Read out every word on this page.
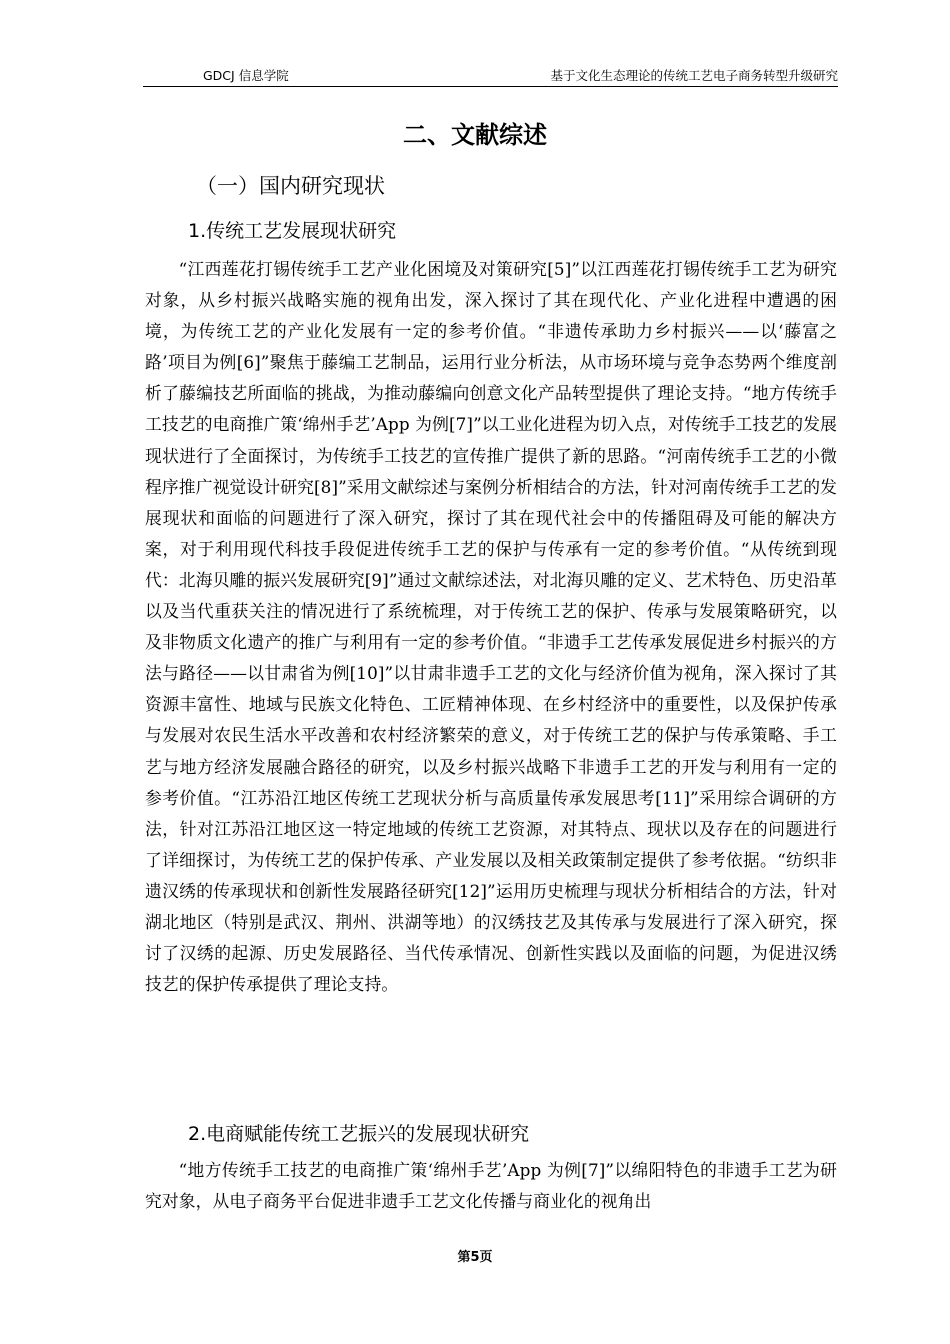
GDCJ 信息学院	基于文化生态理论的传统工艺电子商务转型升级研究
二、文献综述
（一）国内研究现状
1.传统工艺发展现状研究

“江西莲花打锡传统手工艺产业化困境及对策研究[5]”以江西莲花打锡传统手工艺为研究对象，从乡村振兴战略实施的视角出发，深入探讨了其在现代化、产业化进程中遭遇的困境，为传统工艺的产业化发展有一定的参考价值。“非遗传承助力乡村振兴——以‘藤富之路’项目为例[6]”聚焦于藤编工艺制品，运用行业分析法，从市场环境与竞争态势两个维度剖析了藤编技艺所面临的挑战，为推动藤编向创意文化产品转型提供了理论支持。“地方传统手工技艺的电商推广策‘绵州手艺’App 为例[7]”以工业化进程为切入点，对传统手工技艺的发展现状进行了全面探讨，为传统手工技艺的宣传推广提供了新的思路。“河南传统手工艺的小微程序推广视觉设计研究[8]”采用文献综述与案例分析相结合的方法，针对河南传统手工艺的发展现状和面临的问题进行了深入研究，探讨了其在现代社会中的传播阻碍及可能的解决方案，对于利用现代科技手段促进传统手工艺的保护与传承有一定的参考价值。“从传统到现代：北海贝雕的振兴发展研究[9]”通过文献综述法，对北海贝雕的定义、艺术特色、历史沿革以及当代重获关注的情况进行了系统梳理，对于传统工艺的保护、传承与发展策略研究，以及非物质文化遗产的推广与利用有一定的参考价值。“非遗手工艺传承发展促进乡村振兴的方法与路径——以甘肃省为例[10]”以甘肃非遗手工艺的文化与经济价值为视角，深入探讨了其资源丰富性、地域与民族文化特色、工匠精神体现、在乡村经济中的重要性，以及保护传承与发展对农民生活水平改善和农村经济繁荣的意义，对于传统工艺的保护与传承策略、手工艺与地方经济发展融合路径的研究，以及乡村振兴战略下非遗手工艺的开发与利用有一定的参考价值。“江苏沿江地区传统工艺现状分析与高质量传承发展思考[11]”采用综合调研的方法，针对江苏沿江地区这一特定地域的传统工艺资源，对其特点、现状以及存在的问题进行了详细探讨，为传统工艺的保护传承、产业发展以及相关政策制定提供了参考依据。“纺织非遗汉绣的传承现状和创新性发展路径研究[12]”运用历史梳理与现状分析相结合的方法，针对湖北地区（特别是武汉、荆州、洪湖等地）的汉绣技艺及其传承与发展进行了深入研究，探讨了汉绣的起源、历史发展路径、当代传承情况、创新性实践以及面临的问题，为促进汉绣技艺的保护传承提供了理论支持。

2.电商赋能传统工艺振兴的发展现状研究

“地方传统手工技艺的电商推广策‘绵州手艺’App 为例[7]”以绵阳特色的非遗手工艺为研究对象，从电子商务平台促进非遗手工艺文化传播与商业化的视角出

第5页
